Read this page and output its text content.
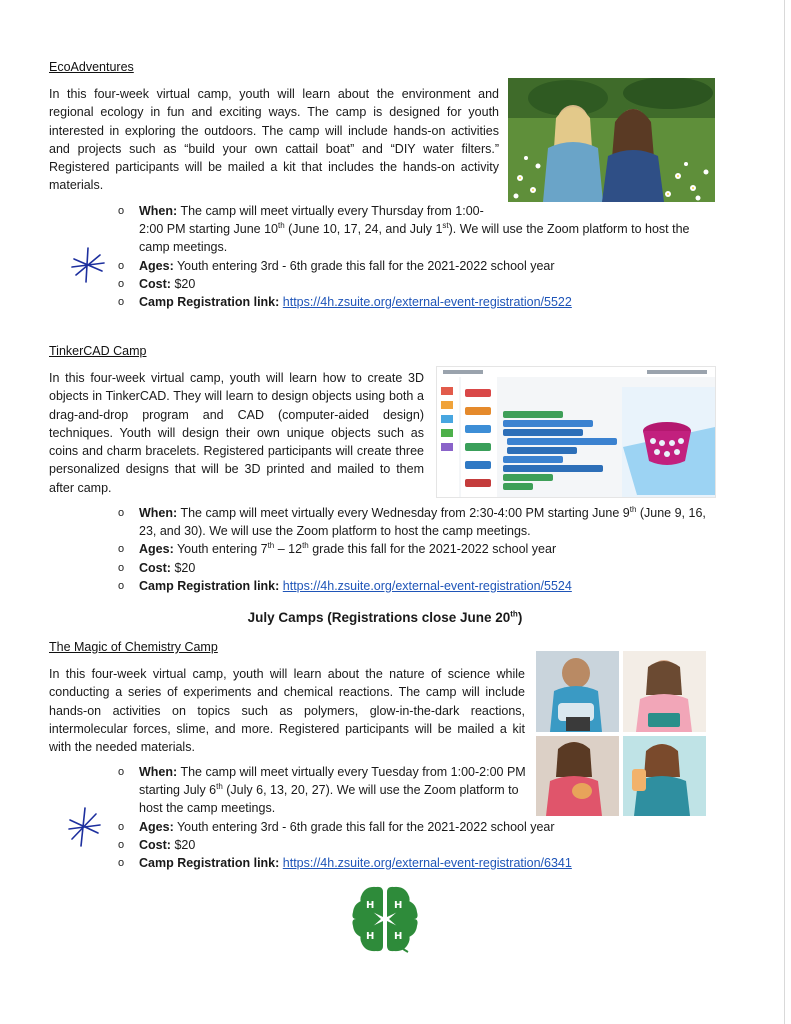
EcoAdventures

In this four-week virtual camp, youth will learn about the environment and regional ecology in fun and exciting ways. The camp is designed for youth interested in exploring the outdoors. The camp will include hands-on activities and projects such as “build your own cattail boat” and “DIY water filters.” Registered participants will be mailed a kit that includes the hands-on activity materials.

o When: The camp will meet virtually every Thursday from 1:00-
2:00 PM starting June 10th (June 10, 17, 24, and July 1st). We will use the Zoom platform to host the camp meetings.
o Ages: Youth entering 3rd - 6th grade this fall for the 2021-2022 school year
o Cost: $20
o Camp Registration link: https://4h.zsuite.org/external-event-registration/5522
TinkerCAD Camp

In this four-week virtual camp, youth will learn how to create 3D objects in TinkerCAD. They will learn to design objects using both a drag-and-drop program and CAD (computer-aided design) techniques. Youth will design their own unique objects such as coins and charm bracelets. Registered participants will create three personalized designs that will be 3D printed and mailed to them after camp.

o When: The camp will meet virtually every Wednesday from 2:30-4:00 PM starting June 9th (June 9, 16, 23, and 30). We will use the Zoom platform to host the camp meetings.
o Ages: Youth entering 7th – 12th grade this fall for the 2021-2022 school year
o Cost: $20
o Camp Registration link: https://4h.zsuite.org/external-event-registration/5524
July Camps (Registrations close June 20th)
The Magic of Chemistry Camp

In this four-week virtual camp, youth will learn about the nature of science while conducting a series of experiments and chemical reactions. The camp will include hands-on activities on topics such as polymers, glow-in-the-dark reactions, intermolecular forces, slime, and more. Registered participants will be mailed a kit with the needed materials.

o When: The camp will meet virtually every Tuesday from 1:00-2:00 PM starting July 6th (July 6, 13, 20, 27). We will use the Zoom platform to host the camp meetings.
o Ages: Youth entering 3rd - 6th grade this fall for the 2021-2022 school year
o Cost: $20
o Camp Registration link: https://4h.zsuite.org/external-event-registration/6341
H H
H H
